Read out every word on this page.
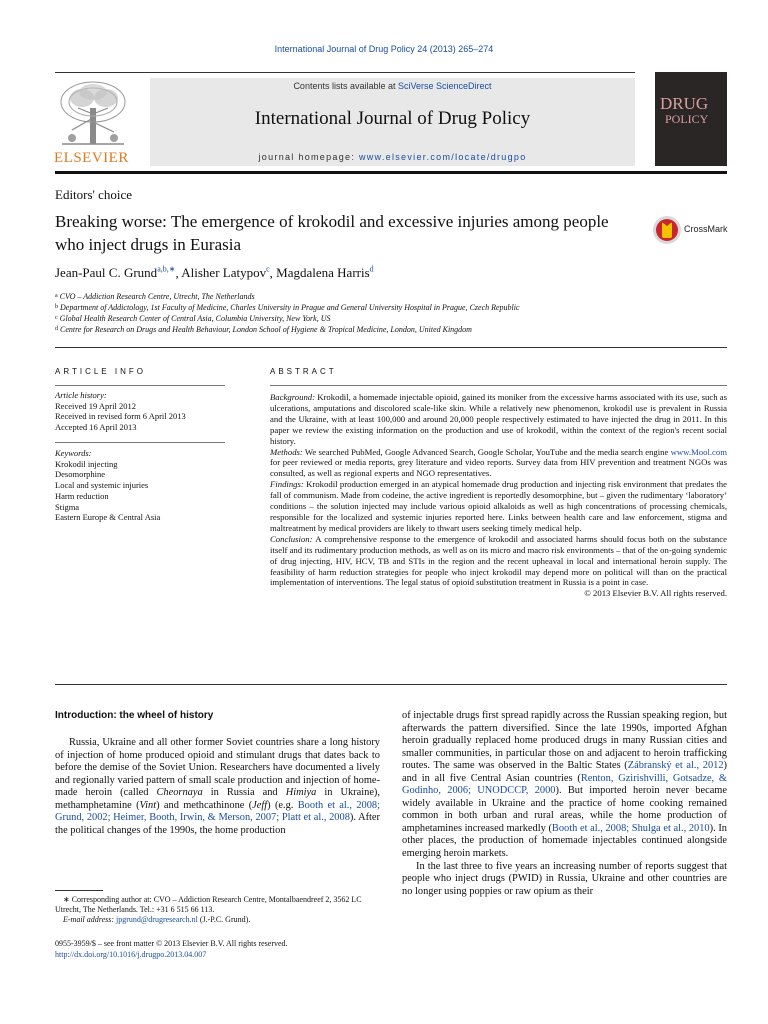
International Journal of Drug Policy 24 (2013) 265–274
ELSEVIER
Contents lists available at SciVerse ScienceDirect
International Journal of Drug Policy
journal homepage: www.elsevier.com/locate/drugpo
DRUG
POLICY
Editors' choice
Breaking worse: The emergence of krokodil and excessive injuries among people who inject drugs in Eurasia
CrossMark
Jean-Paul C. Grund$^{a,b,∗}$, Alisher Latypov$^c$, Magdalena Harris$^d$
$^a$ CVO – Addiction Research Centre, Utrecht, The Netherlands
$^b$ Department of Addictology, 1st Faculty of Medicine, Charles University in Prague and General University Hospital in Prague, Czech Republic
$^c$ Global Health Research Center of Central Asia, Columbia University, New York, US
$^d$ Centre for Research on Drugs and Health Behaviour, London School of Hygiene & Tropical Medicine, London, United Kingdom
ARTICLE INFO
Article history:
Received 19 April 2012
Received in revised form 6 April 2013
Accepted 16 April 2013
Keywords:
Krokodil injecting
Desomorphine
Local and systemic injuries
Harm reduction
Stigma
Eastern Europe & Central Asia
ABSTRACT

Background: Krokodil, a homemade injectable opioid, gained its moniker from the excessive harms associated with its use, such as ulcerations, amputations and discolored scale-like skin. While a relatively new phenomenon, krokodil use is prevalent in Russia and the Ukraine, with at least 100,000 and around 20,000 people respectively estimated to have injected the drug in 2011. In this paper we review the existing information on the production and use of krokodil, within the context of the region's recent social history.

Methods: We searched PubMed, Google Advanced Search, Google Scholar, YouTube and the media search engine www.Mool.com for peer reviewed or media reports, grey literature and video reports. Survey data from HIV prevention and treatment NGOs was consulted, as well as regional experts and NGO representatives.

Findings: Krokodil production emerged in an atypical homemade drug production and injecting risk environment that predates the fall of communism. Made from codeine, the active ingredient is reportedly desomorphine, but – given the rudimentary ‘laboratory’ conditions – the solution injected may include various opioid alkaloids as well as high concentrations of processing chemicals, responsible for the localized and systemic injuries reported here. Links between health care and law enforcement, stigma and maltreatment by medical providers are likely to thwart users seeking timely medical help.

Conclusion: A comprehensive response to the emergence of krokodil and associated harms should focus both on the substance itself and its rudimentary production methods, as well as on its micro and macro risk environments – that of the on-going syndemic of drug injecting, HIV, HCV, TB and STIs in the region and the recent upheaval in local and international heroin supply. The feasibility of harm reduction strategies for people who inject krokodil may depend more on political will than on the practical implementation of interventions. The legal status of opioid substitution treatment in Russia is a point in case.

© 2013 Elsevier B.V. All rights reserved.

Introduction: the wheel of history

Russia, Ukraine and all other former Soviet countries share a long history of injection of home produced opioid and stimulant drugs that dates back to before the demise of the Soviet Union. Researchers have documented a lively and regionally varied pattern of small scale production and injection of home-made heroin (called Cheornaya in Russia and Himiya in Ukraine), methamphetamine (Vint) and methcathinone (Jeff) (e.g. Booth et al., 2008; Grund, 2002; Heimer, Booth, Irwin, & Merson, 2007; Platt et al., 2008). After the political changes of the 1990s, the home production

of injectable drugs first spread rapidly across the Russian speaking region, but afterwards the pattern diversified. Since the late 1990s, imported Afghan heroin gradually replaced home produced drugs in many Russian cities and smaller communities, in particular those on and adjacent to heroin trafficking routes. The same was observed in the Baltic States (Zábranský et al., 2012) and in all five Central Asian countries (Renton, Gzirishvilli, Gotsadze, & Godinho, 2006; UNODCCP, 2000). But imported heroin never became widely available in Ukraine and the practice of home cooking remained common in both urban and rural areas, while the home production of amphetamines increased markedly (Booth et al., 2008; Shulga et al., 2010). In other places, the production of homemade injectables continued alongside emerging heroin markets.

In the last three to five years an increasing number of reports suggest that people who inject drugs (PWID) in Russia, Ukraine and other countries are no longer using poppies or raw opium as their

∗ Corresponding author at: CVO – Addiction Research Centre, Montalbaendreef 2, 3562 LC Utrecht, The Netherlands. Tel.: +31 6 515 66 113.

E-mail address: jpgrund@drugresearch.nl (J.-P.C. Grund).

0955-3959/$ – see front matter © 2013 Elsevier B.V. All rights reserved.
http://dx.doi.org/10.1016/j.drugpo.2013.04.007
